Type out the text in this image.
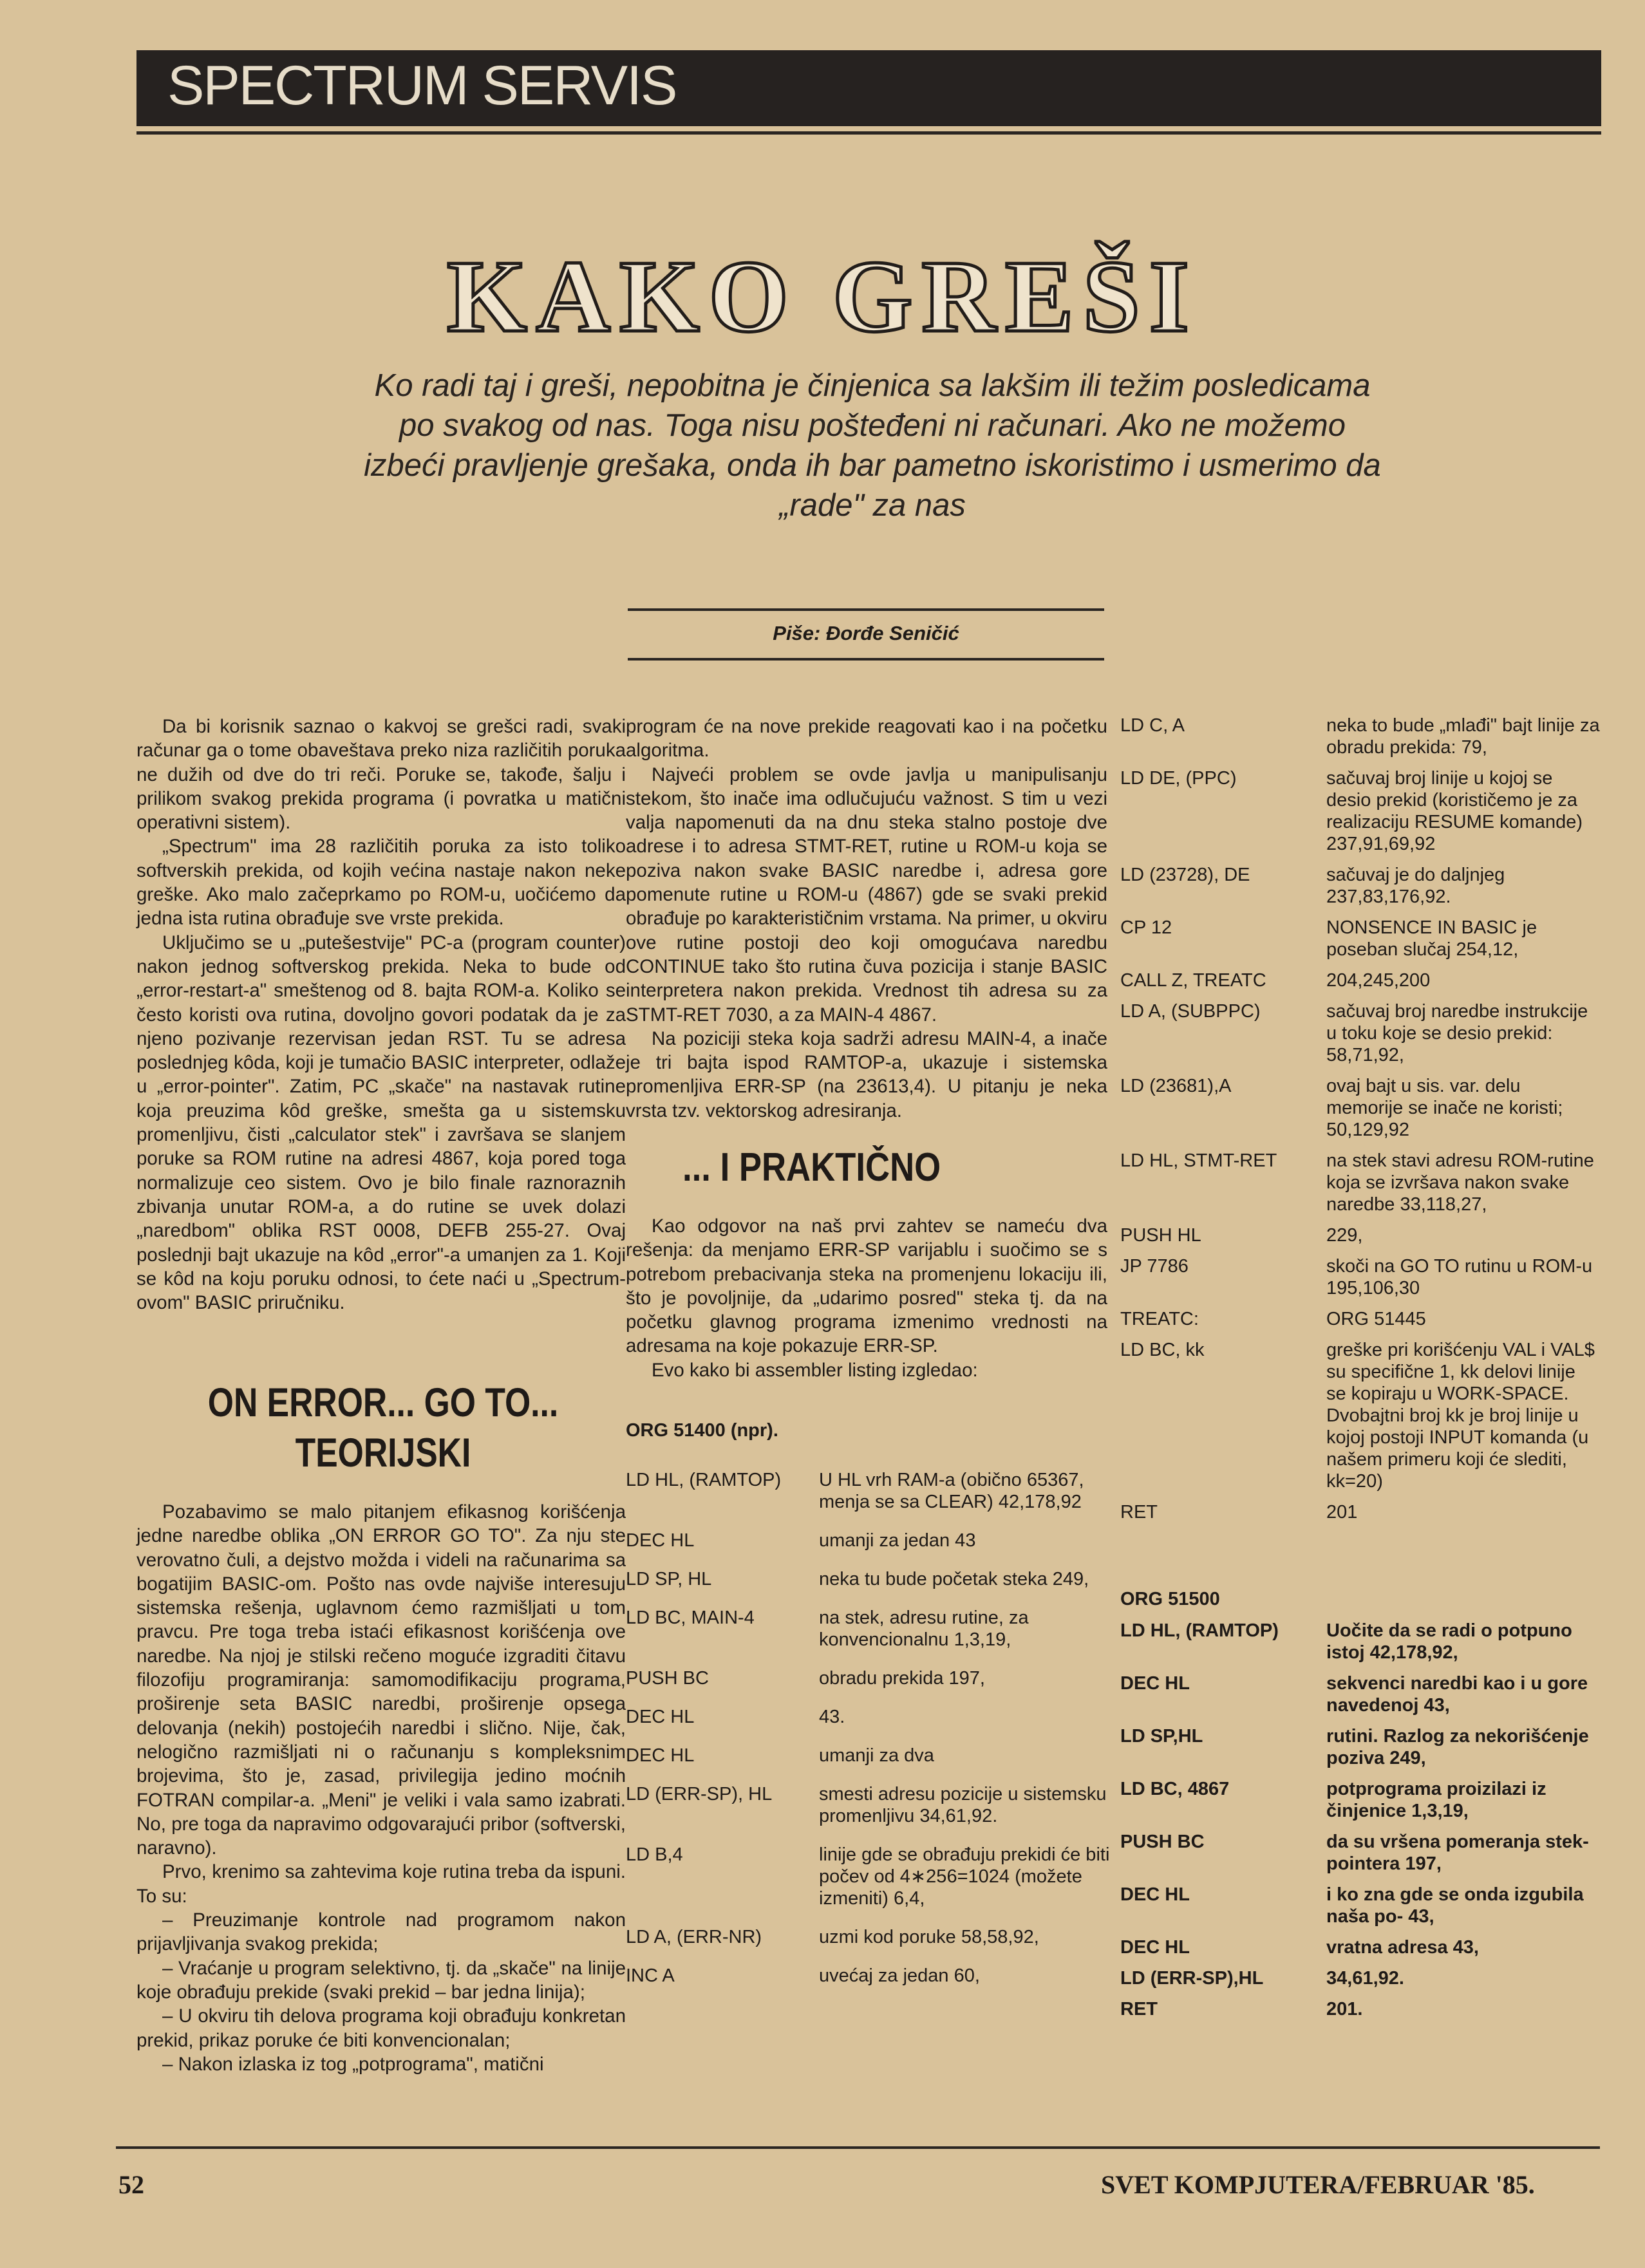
SPECTRUM SERVIS
KAKO GREŠI
Ko radi taj i greši, nepobitna je činjenica sa lakšim ili težim posledicama po svakog od nas. Toga nisu pošteđeni ni računari. Ako ne možemo izbeći pravljenje grešaka, onda ih bar pametno iskoristimo i usmerimo da „rade" za nas
Piše: Đorđe Seničić

Da bi korisnik saznao o kakvoj se grešci radi, svaki računar ga o tome obaveštava preko niza različitih poruka ne dužih od dve do tri reči. Poruke se, takođe, šalju i prilikom svakog prekida programa (i povratka u matični operativni sistem).

„Spectrum" ima 28 različitih poruka za isto toliko softverskih prekida, od kojih većina nastaje nakon neke greške. Ako malo začeprkamo po ROM-u, uočićemo da jedna ista rutina obrađuje sve vrste prekida.

Uključimo se u „putešestvije" PC-a (program counter) nakon jednog softverskog prekida. Neka to bude od „error-restart-a" smeštenog od 8. bajta ROM-a. Koliko se često koristi ova rutina, dovoljno govori podatak da je za njeno pozivanje rezervisan jedan RST. Tu se adresa poslednjeg kôda, koji je tumačio BASIC interpreter, odlaže u „error-pointer". Zatim, PC „skače" na nastavak rutine koja preuzima kôd greške, smešta ga u sistemsku promenljivu, čisti „calculator stek" i završava se slanjem poruke sa ROM rutine na adresi 4867, koja pored toga normalizuje ceo sistem. Ovo je bilo finale raznoraznih zbivanja unutar ROM-a, a do rutine se uvek dolazi „naredbom" oblika RST 0008, DEFB 255-27. Ovaj poslednji bajt ukazuje na kôd „error"-a umanjen za 1. Koji se kôd na koju poruku odnosi, to ćete naći u „Spectrum-ovom" BASIC priručniku.

ON ERROR... GO TO... TEORIJSKI

Pozabavimo se malo pitanjem efikasnog korišćenja jedne naredbe oblika „ON ERROR GO TO". Za nju ste verovatno čuli, a dejstvo možda i videli na računarima sa bogatijim BASIC-om. Pošto nas ovde najviše interesuju sistemska rešenja, uglavnom ćemo razmišljati u tom pravcu. Pre toga treba istaći efikasnost korišćenja ove naredbe. Na njoj je stilski rečeno moguće izgraditi čitavu filozofiju programiranja: samomodifikaciju programa, proširenje seta BASIC naredbi, proširenje opsega delovanja (nekih) postojećih naredbi i slično. Nije, čak, nelogično razmišljati ni o računanju s kompleksnim brojevima, što je, zasad, privilegija jedino moćnih FOTRAN compilar-a. „Meni" je veliki i vala samo izabrati. No, pre toga da napravimo odgovarajući pribor (softverski, naravno).

Prvo, krenimo sa zahtevima koje rutina treba da ispuni. To su:

– Preuzimanje kontrole nad programom nakon prijavljivanja svakog prekida;

– Vraćanje u program selektivno, tj. da „skače" na linije koje obrađuju prekide (svaki prekid – bar jedna linija);

– U okviru tih delova programa koji obrađuju konkretan prekid, prikaz poruke će biti konvencionalan;

– Nakon izlaska iz tog „potprograma", matični

program će na nove prekide reagovati kao i na početku algoritma.

Najveći problem se ovde javlja u manipulisanju stekom, što inače ima odlučujuću važnost. S tim u vezi valja napomenuti da na dnu steka stalno postoje dve adrese i to adresa STMT-RET, rutine u ROM-u koja se poziva nakon svake BASIC naredbe i, adresa gore pomenute rutine u ROM-u (4867) gde se svaki prekid obrađuje po karakterističnim vrstama. Na primer, u okviru ove rutine postoji deo koji omogućava naredbu CONTINUE tako što rutina čuva pozicija i stanje BASIC interpretera nakon prekida. Vrednost tih adresa su za STMT-RET 7030, a za MAIN-4 4867.

Na poziciji steka koja sadrži adresu MAIN-4, a inače je tri bajta ispod RAMTOP-a, ukazuje i sistemska promenljiva ERR-SP (na 23613,4). U pitanju je neka vrsta tzv. vektorskog adresiranja.

... I PRAKTIČNO

Kao odgovor na naš prvi zahtev se nameću dva rešenja: da menjamo ERR-SP varijablu i suočimo se s potrebom prebacivanja steka na promenjenu lokaciju ili, što je povoljnije, da „udarimo posred" steka tj. da na početku glavnog programa izmenimo vrednosti na adresama na koje pokazuje ERR-SP.

Evo kako bi assembler listing izgledao:

ORG 51400 (npr).
LD HL, (RAMTOP) U HL vrh RAM-a (obično 65367, menja se sa CLEAR) 42,178,92
DEC HL	umanji za jedan 43
LD SP, HL	neka tu bude početak steka 249,
LD BC, MAIN-4	na stek, adresu rutine, za konvencionalnu 1,3,19,
PUSH BC	obradu prekida 197,
DEC HL	43.
DEC HL	umanji za dva
LD (ERR-SP), HL	smesti adresu pozicije u sistemsku promenljivu 34,61,92.
LD B,4	linije gde se obrađuju prekidi će biti počev od 4∗256=1024 (možete izmeniti) 6,4,
LD A, (ERR-NR)	uzmi kod poruke 58,58,92,
INC A	uvećaj za jedan 60,
LD C, A	neka to bude „mlađi" bajt linije za obradu prekida: 79,
LD DE, (PPC)	sačuvaj broj linije u kojoj se desio prekid (korističemo je za realizaciju RESUME komande) 237,91,69,92
LD (23728), DE	sačuvaj je do daljnjeg 237,83,176,92.
CP 12	NONSENCE IN BASIC je poseban slučaj 254,12,
CALL Z, TREATC	204,245,200
LD A, (SUBPPC)	sačuvaj broj naredbe instrukcije u toku koje se desio prekid: 58,71,92,
LD (23681),A	ovaj bajt u sis. var. delu memorije se inače ne koristi; 50,129,92
LD HL, STMT-RET	na stek stavi adresu ROM-rutine koja se izvršava nakon svake naredbe 33,118,27,
PUSH HL	229,
JP 7786	skoči na GO TO rutinu u ROM-u 195,106,30
TREATC:	ORG 51445
LD BC, kk	greške pri korišćenju VAL i VAL$ su specifične 1, kk delovi linije se kopiraju u WORK-SPACE. Dvobajtni broj kk je broj linije u kojoj postoji INPUT komanda (u našem primeru koji će slediti, kk=20)
RET	201
ORG 51500
LD HL, (RAMTOP)	Uočite da se radi o potpuno istoj 42,178,92,
DEC HL	sekvenci naredbi kao i u gore navedenoj 43,
LD SP,HL	rutini. Razlog za nekorišćenje poziva 249,
LD BC, 4867	potprograma proizilazi iz činjenice 1,3,19,
PUSH BC	da su vršena pomeranja stek-pointera 197,
DEC HL	i ko zna gde se onda izgubila naša po- 43,
DEC HL	vratna adresa 43,
LD (ERR-SP),HL	34,61,92.
RET	201.
52	SVET KOMPJUTERA/FEBRUAR '85.
